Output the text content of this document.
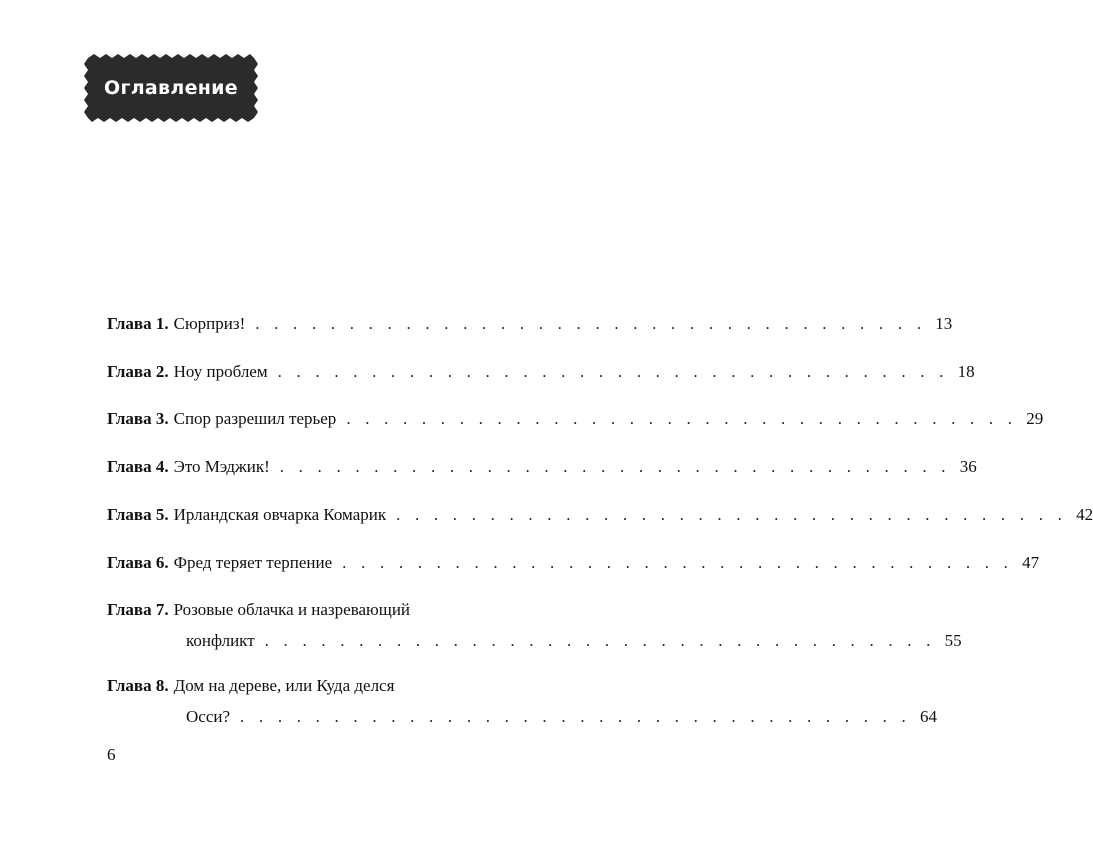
Оглавление
Глава 1. Сюрприз! . . . . . . . . . . . . . . . . . . . . . . . . . . . . . . . . . . . . 13
Глава 2. Ноу проблем . . . . . . . . . . . . . . . . . . . . . . . . . . . . . . . . . . . . 18
Глава 3. Спор разрешил терьер . . . . . . . . . . . . . . . . . . . . . . . . . . . . . . . . . . . . 29
Глава 4. Это Мэджик! . . . . . . . . . . . . . . . . . . . . . . . . . . . . . . . . . . . . 36
Глава 5. Ирландская овчарка Комарик . . . . . . . . . . . . . . . . . . . . . . . . . . . . . . . . . . . . 42
Глава 6. Фред теряет терпение . . . . . . . . . . . . . . . . . . . . . . . . . . . . . . . . . . . . 47
Глава 7. Розовые облачка и назревающий
конфликт . . . . . . . . . . . . . . . . . . . . . . . . . . . . . . . . . . . . 55
Глава 8. Дом на дереве, или Куда делся
Осси? . . . . . . . . . . . . . . . . . . . . . . . . . . . . . . . . . . . . 64
6
